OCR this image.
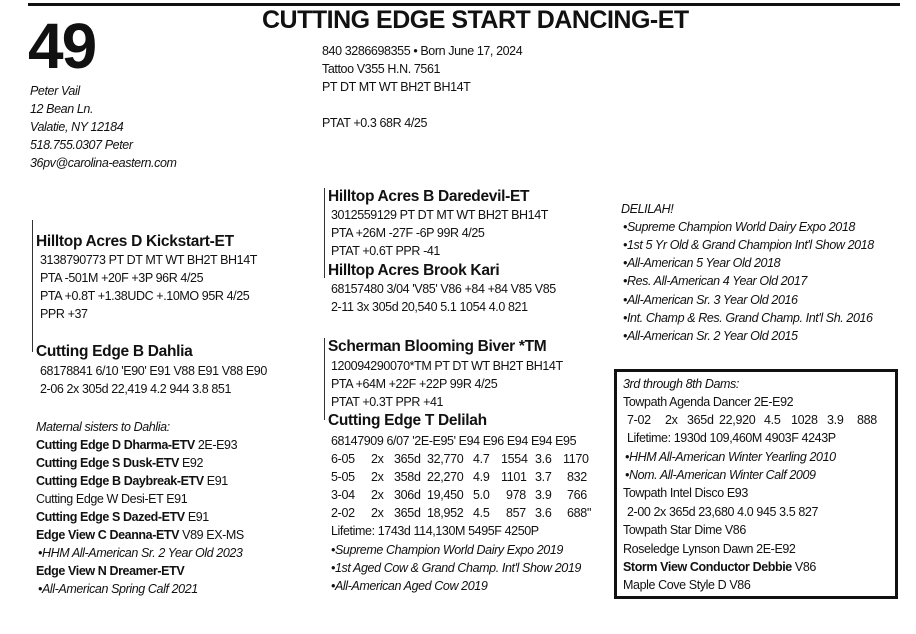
49	CUTTING EDGE START DANCING-ET
Peter Vail
12 Bean Ln.
Valatie, NY 12184
518.755.0307 Peter
36pv@carolina-eastern.com
840 3286698355 • Born June 17, 2024
Tattoo V355 H.N. 7561
PT DT MT WT BH2T BH14T
PTAT +0.3 68R 4/25
Hilltop Acres D Kickstart-ET
3138790773 PT DT MT WT BH2T BH14T
PTA -501M +20F +3P 96R 4/25
PTA +0.8T +1.38UDC +.10MO 95R 4/25
PPR +37
Hilltop Acres B Daredevil-ET
3012559129 PT DT MT WT BH2T BH14T
PTA +26M -27F -6P 99R 4/25
PTAT +0.6T PPR -41
Hilltop Acres Brook Kari
68157480 3/04 'V85' V86 +84 +84 V85 V85
2-11 3x 305d 20,540 5.1 1054 4.0 821
Cutting Edge B Dahlia
68178841 6/10 'E90' E91 V88 E91 V88 E90
2-06 2x 305d 22,419 4.2 944 3.8 851
Maternal sisters to Dahlia:
Cutting Edge D Dharma-ETV 2E-E93
Cutting Edge S Dusk-ETV E92
Cutting Edge B Daybreak-ETV E91
Cutting Edge W Desi-ET E91
Cutting Edge S Dazed-ETV E91
Edge View C Deanna-ETV V89 EX-MS
•HHM All-American Sr. 2 Year Old 2023
Edge View N Dreamer-ETV
•All-American Spring Calf 2021
Scherman Blooming Biver *TM
120094290070*TM PT DT WT BH2T BH14T
PTA +64M +22F +22P 99R 4/25
PTAT +0.3T PPR +41
Cutting Edge T Delilah
68147909 6/07 '2E-E95' E94 E96 E94 E94 E95
6-05 2x 365d 32,770 4.7 1554 3.6 1170
5-05 2x 358d 22,270 4.9 1101 3.7 832
3-04 2x 306d 19,450 5.0 978 3.9 766
2-02 2x 365d 18,952 4.5 857 3.6 688"
Lifetime: 1743d 114,130M 5495F 4250P
•Supreme Champion World Dairy Expo 2019
•1st Aged Cow & Grand Champ. Int'l Show 2019
•All-American Aged Cow 2019
DELILAH!
•Supreme Champion World Dairy Expo 2018
•1st 5 Yr Old & Grand Champion Int'l Show 2018
•All-American 5 Year Old 2018
•Res. All-American 4 Year Old 2017
•All-American Sr. 3 Year Old 2016
•Int. Champ & Res. Grand Champ. Int'l Sh. 2016
•All-American Sr. 2 Year Old 2015
3rd through 8th Dams:
Towpath Agenda Dancer 2E-E92
7-02 2x 365d 22,920 4.5 1028 3.9 888
Lifetime: 1930d 109,460M 4903F 4243P
•HHM All-American Winter Yearling 2010
•Nom. All-American Winter Calf 2009
Towpath Intel Disco E93
2-00 2x 365d 23,680 4.0 945 3.5 827
Towpath Star Dime V86
Roseledge Lynson Dawn 2E-E92
Storm View Conductor Debbie V86
Maple Cove Style D V86
